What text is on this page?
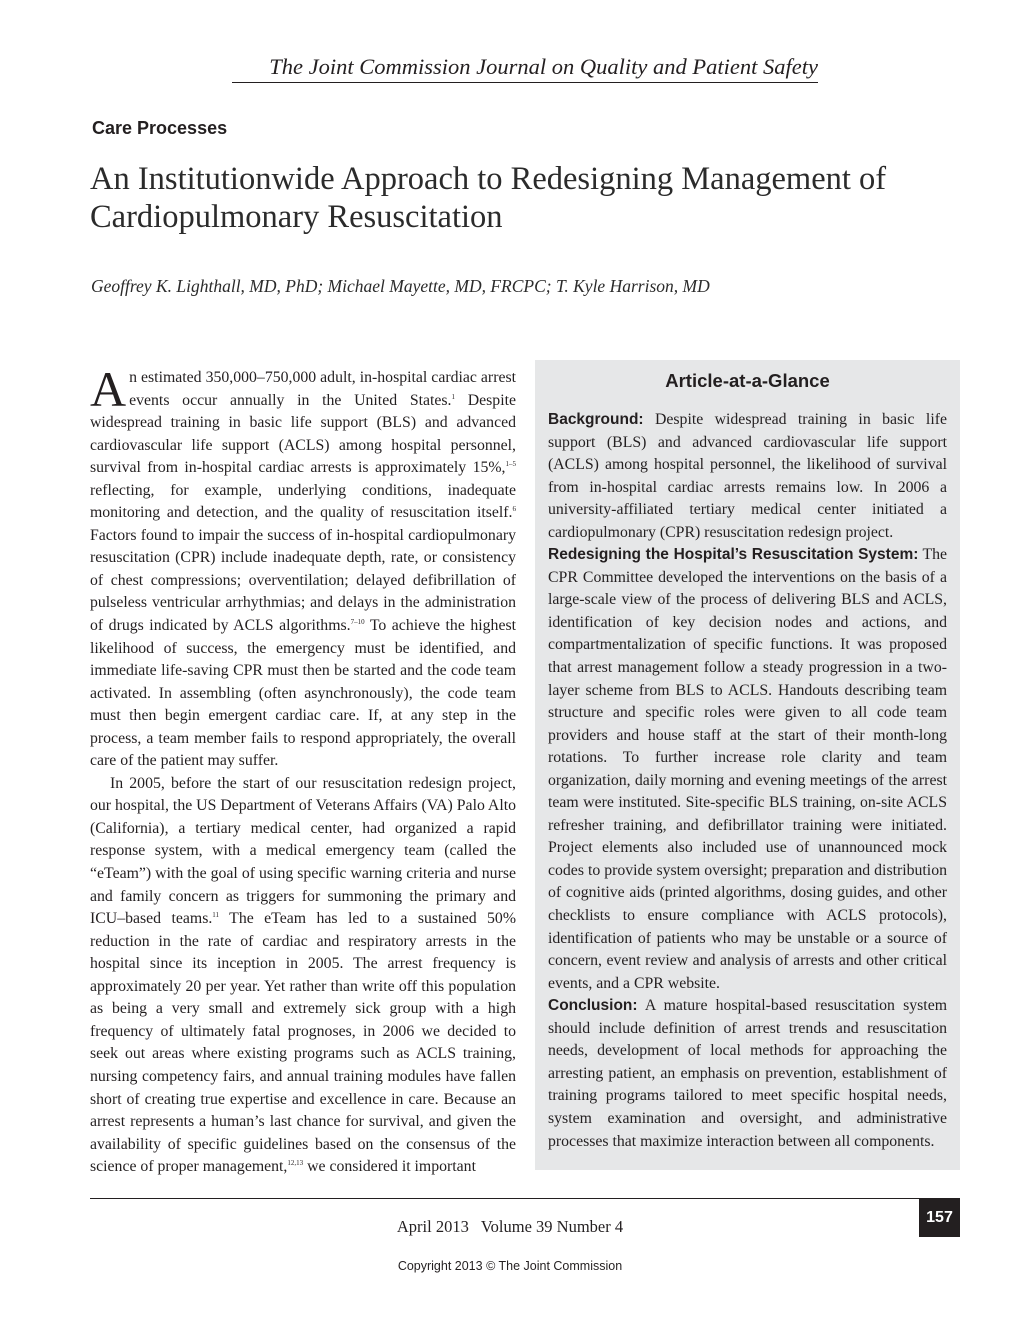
The Joint Commission Journal on Quality and Patient Safety
Care Processes
An Institutionwide Approach to Redesigning Management of Cardiopulmonary Resuscitation
Geoffrey K. Lighthall, MD, PhD; Michael Mayette, MD, FRCPC; T. Kyle Harrison, MD

An estimated 350,000–750,000 adult, in-hospital cardiac arrest events occur annually in the United States.$^1$ Despite widespread training in basic life support (BLS) and advanced cardiovascular life support (ACLS) among hospital personnel, survival from in-hospital cardiac arrests is approximately 15%,$^{1-5}$ reflecting, for example, underlying conditions, inadequate monitoring and detection, and the quality of resuscitation itself.$^6$ Factors found to impair the success of in-hospital cardiopulmonary resuscitation (CPR) include inadequate depth, rate, or consistency of chest compressions; overventilation; delayed defibrillation of pulseless ventricular arrhythmias; and delays in the administration of drugs indicated by ACLS algorithms.$^{7-10}$ To achieve the highest likelihood of success, the emergency must be identified, and immediate life-saving CPR must then be started and the code team activated. In assembling (often asynchronously), the code team must then begin emergent cardiac care. If, at any step in the process, a team member fails to respond appropriately, the overall care of the patient may suffer.

In 2005, before the start of our resuscitation redesign project, our hospital, the US Department of Veterans Affairs (VA) Palo Alto (California), a tertiary medical center, had organized a rapid response system, with a medical emergency team (called the “eTeam”) with the goal of using specific warning criteria and nurse and family concern as triggers for summoning the primary and ICU–based teams.$^{11}$ The eTeam has led to a sustained 50% reduction in the rate of cardiac and respiratory arrests in the hospital since its inception in 2005. The arrest frequency is approximately 20 per year. Yet rather than write off this population as being a very small and extremely sick group with a high frequency of ultimately fatal prognoses, in 2006 we decided to seek out areas where existing programs such as ACLS training, nursing competency fairs, and annual training modules have fallen short of creating true expertise and excellence in care. Because an arrest represents a human’s last chance for survival, and given the availability of specific guidelines based on the consensus of the science of proper management,$^{12,13}$ we considered it important

Article-at-a-Glance

Background: Despite widespread training in basic life support (BLS) and advanced cardiovascular life support (ACLS) among hospital personnel, the likelihood of survival from in-hospital cardiac arrests remains low. In 2006 a university-affiliated tertiary medical center initiated a cardiopulmonary (CPR) resuscitation redesign project.

Redesigning the Hospital’s Resuscitation System: The CPR Committee developed the interventions on the basis of a large-scale view of the process of delivering BLS and ACLS, identification of key decision nodes and actions, and compartmentalization of specific functions. It was proposed that arrest management follow a steady progression in a two-layer scheme from BLS to ACLS. Handouts describing team structure and specific roles were given to all code team providers and house staff at the start of their month-long rotations. To further increase role clarity and team organization, daily morning and evening meetings of the arrest team were instituted. Site-specific BLS training, on-site ACLS refresher training, and defibrillator training were initiated. Project elements also included use of unannounced mock codes to provide system oversight; preparation and distribution of cognitive aids (printed algorithms, dosing guides, and other checklists to ensure compliance with ACLS protocols), identification of patients who may be unstable or a source of concern, event review and analysis of arrests and other critical events, and a CPR website.

Conclusion: A mature hospital-based resuscitation system should include definition of arrest trends and resuscitation needs, development of local methods for approaching the arresting patient, an emphasis on prevention, establishment of training programs tailored to meet specific hospital needs, system examination and oversight, and administrative processes that maximize interaction between all components.

April 2013   Volume 39 Number 4	157
Copyright 2013 © The Joint Commission
